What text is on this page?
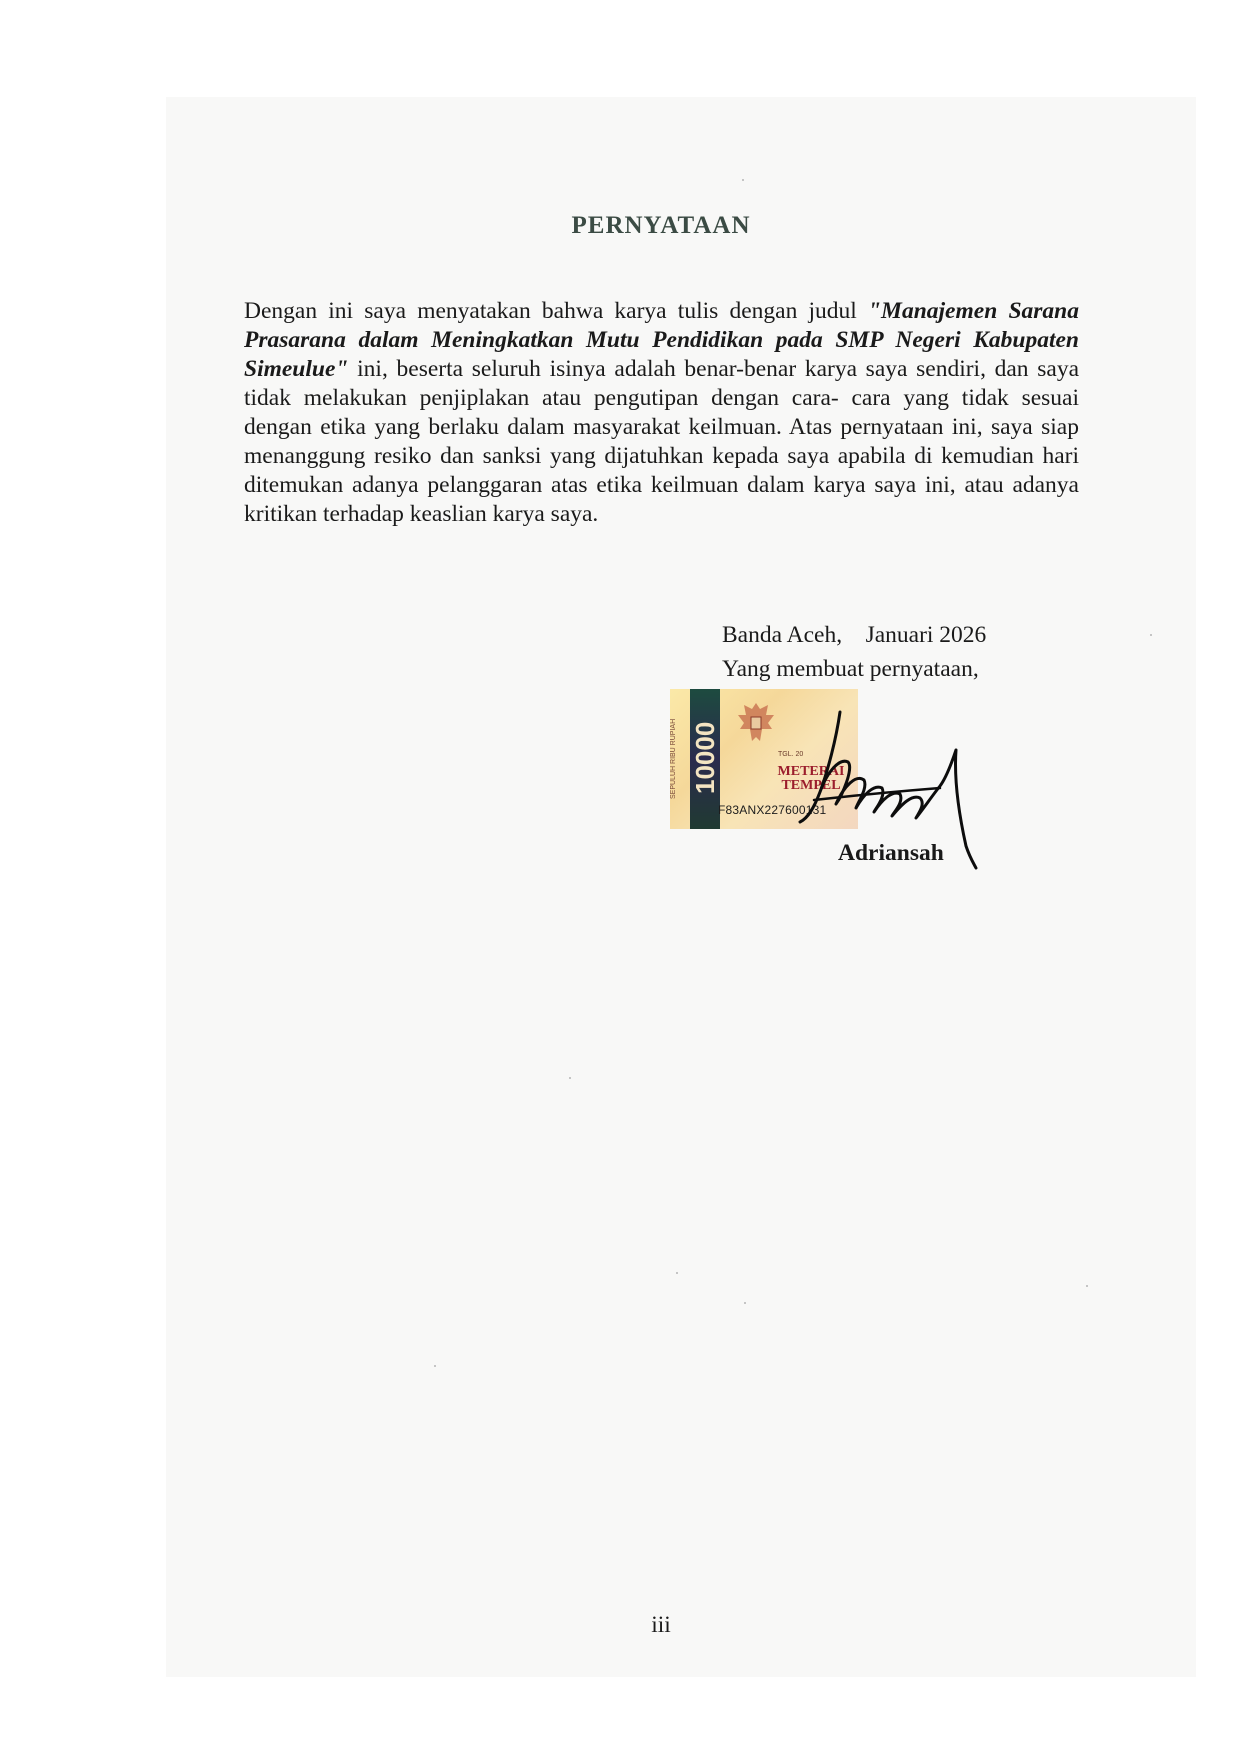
PERNYATAAN
Dengan ini saya menyatakan bahwa karya tulis dengan judul "Manajemen Sarana Prasarana dalam Meningkatkan Mutu Pendidikan pada SMP Negeri Kabupaten Simeulue" ini, beserta seluruh isinya adalah benar-benar karya saya sendiri, dan saya tidak melakukan penjiplakan atau pengutipan dengan cara- cara yang tidak sesuai dengan etika yang berlaku dalam masyarakat keilmuan. Atas pernyataan ini, saya siap menanggung resiko dan sanksi yang dijatuhkan kepada saya apabila di kemudian hari ditemukan adanya pelanggaran atas etika keilmuan dalam karya saya ini, atau adanya kritikan terhadap keaslian karya saya.
Banda Aceh,    Januari 2026
Yang membuat pernyataan,
SEPULUH RIBU RUPIAH 10000	TGL. 20
METERAI
TEMPEL
F83ANX227600131
Adriansah
iii
